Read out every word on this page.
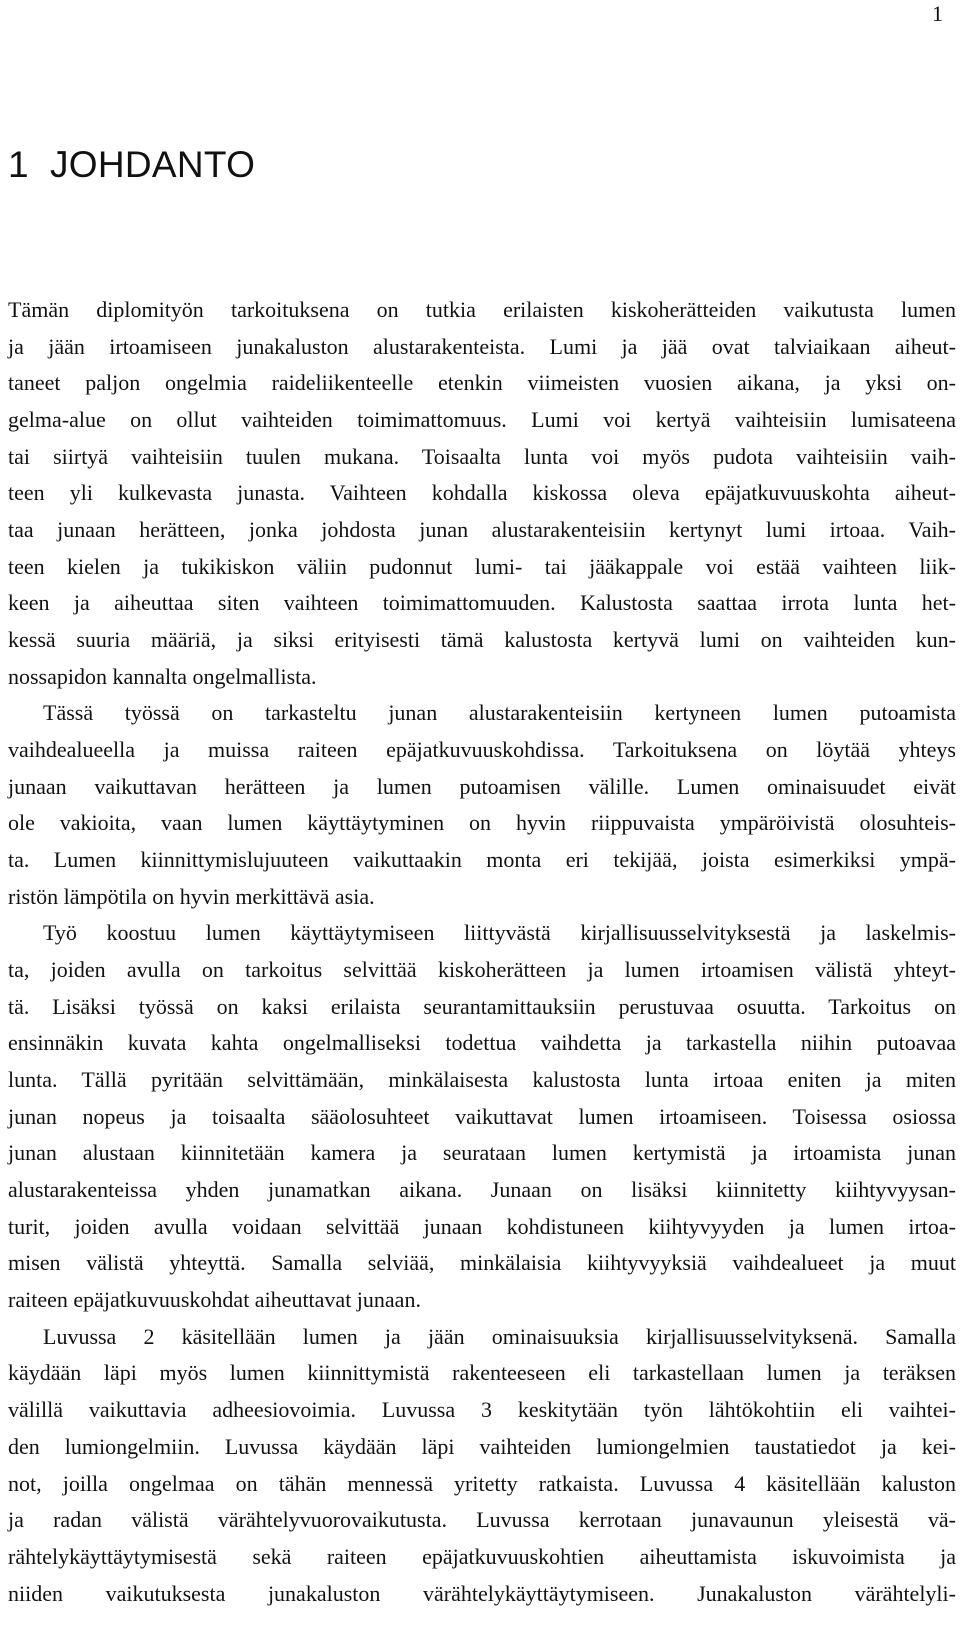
1
1 JOHDANTO
Tämän diplomityön tarkoituksena on tutkia erilaisten kiskoherätteiden vaikutusta lumen
ja jään irtoamiseen junakaluston alustarakenteista. Lumi ja jää ovat talviaikaan aiheut-
taneet paljon ongelmia raideliikenteelle etenkin viimeisten vuosien aikana, ja yksi on-
gelma-alue on ollut vaihteiden toimimattomuus. Lumi voi kertyä vaihteisiin lumisateena
tai siirtyä vaihteisiin tuulen mukana. Toisaalta lunta voi myös pudota vaihteisiin vaih-
teen yli kulkevasta junasta. Vaihteen kohdalla kiskossa oleva epäjatkuvuuskohta aiheut-
taa junaan herätteen, jonka johdosta junan alustarakenteisiin kertynyt lumi irtoaa. Vaih-
teen kielen ja tukikiskon väliin pudonnut lumi- tai jääkappale voi estää vaihteen liik-
keen ja aiheuttaa siten vaihteen toimimattomuuden. Kalustosta saattaa irrota lunta het-
kessä suuria määriä, ja siksi erityisesti tämä kalustosta kertyvä lumi on vaihteiden kun-
nossapidon kannalta ongelmallista.
Tässä työssä on tarkasteltu junan alustarakenteisiin kertyneen lumen putoamista
vaihdealueella ja muissa raiteen epäjatkuvuuskohdissa. Tarkoituksena on löytää yhteys
junaan vaikuttavan herätteen ja lumen putoamisen välille. Lumen ominaisuudet eivät
ole vakioita, vaan lumen käyttäytyminen on hyvin riippuvaista ympäröivistä olosuhteis-
ta. Lumen kiinnittymislujuuteen vaikuttaakin monta eri tekijää, joista esimerkiksi ympä-
ristön lämpötila on hyvin merkittävä asia.
Työ koostuu lumen käyttäytymiseen liittyvästä kirjallisuusselvityksestä ja laskelmis-
ta, joiden avulla on tarkoitus selvittää kiskoherätteen ja lumen irtoamisen välistä yhteyt-
tä. Lisäksi työssä on kaksi erilaista seurantamittauksiin perustuvaa osuutta. Tarkoitus on
ensinnäkin kuvata kahta ongelmalliseksi todettua vaihdetta ja tarkastella niihin putoavaa
lunta. Tällä pyritään selvittämään, minkälaisesta kalustosta lunta irtoaa eniten ja miten
junan nopeus ja toisaalta sääolosuhteet vaikuttavat lumen irtoamiseen. Toisessa osiossa
junan alustaan kiinnitetään kamera ja seurataan lumen kertymistä ja irtoamista junan
alustarakenteissa yhden junamatkan aikana. Junaan on lisäksi kiinnitetty kiihtyvyysan-
turit, joiden avulla voidaan selvittää junaan kohdistuneen kiihtyvyyden ja lumen irtoa-
misen välistä yhteyttä. Samalla selviää, minkälaisia kiihtyvyyksiä vaihdealueet ja muut
raiteen epäjatkuvuuskohdat aiheuttavat junaan.
Luvussa 2 käsitellään lumen ja jään ominaisuuksia kirjallisuusselvityksenä. Samalla
käydään läpi myös lumen kiinnittymistä rakenteeseen eli tarkastellaan lumen ja teräksen
välillä vaikuttavia adheesiovoimia. Luvussa 3 keskitytään työn lähtökohtiin eli vaihtei-
den lumiongelmiin. Luvussa käydään läpi vaihteiden lumiongelmien taustatiedot ja kei-
not, joilla ongelmaa on tähän mennessä yritetty ratkaista. Luvussa 4 käsitellään kaluston
ja radan välistä värähtelyvuorovaikutusta. Luvussa kerrotaan junavaunun yleisestä vä-
rähtelykäyttäytymisestä sekä raiteen epäjatkuvuuskohtien aiheuttamista iskuvoimista ja
niiden vaikutuksesta junakaluston värähtelykäyttäytymiseen. Junakaluston värähtelyli-
